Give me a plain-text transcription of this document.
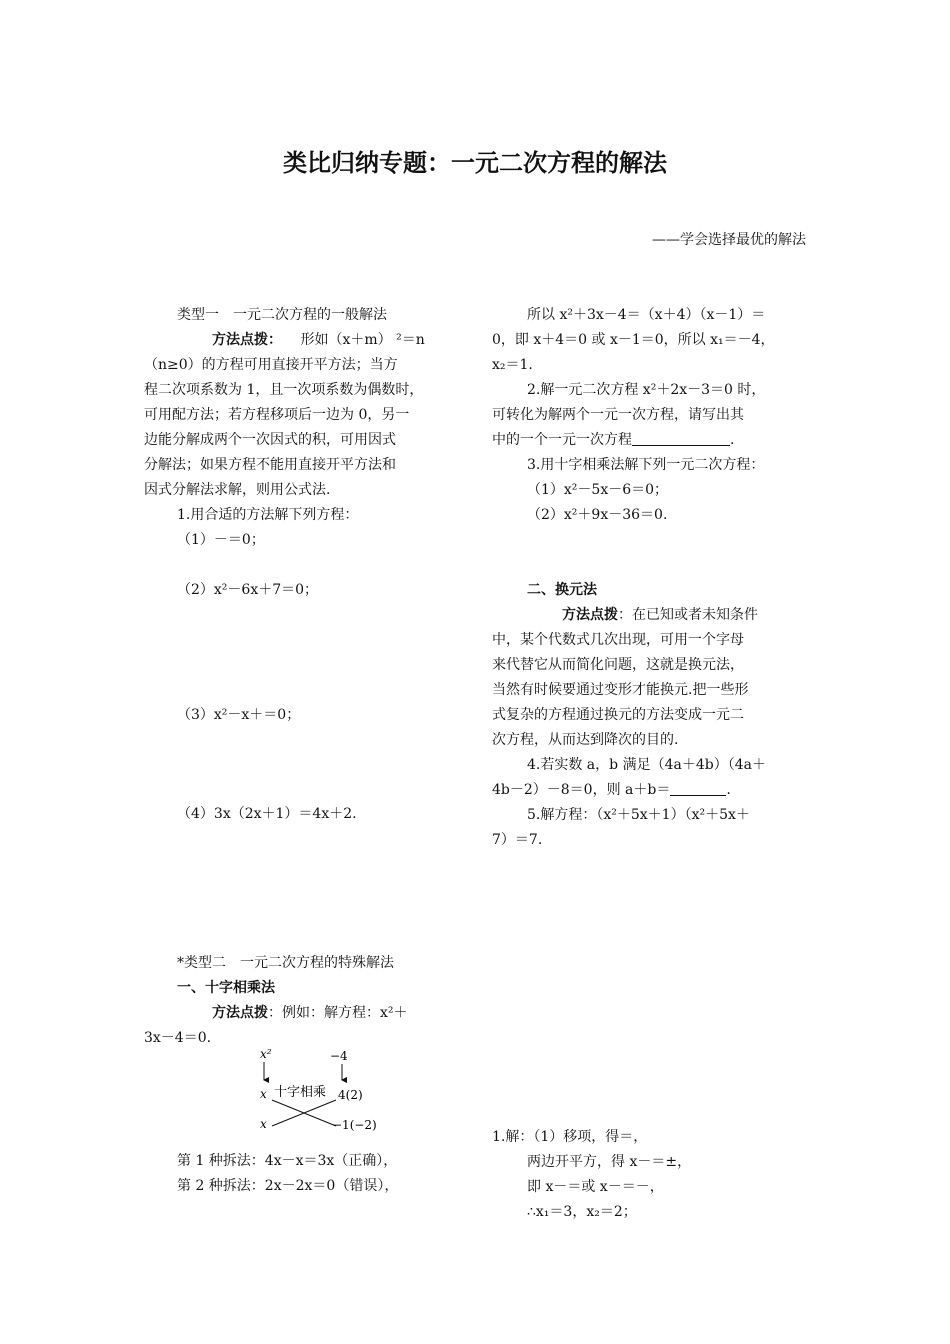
类比归纳专题：一元二次方程的解法
——学会选择最优的解法
类型一　一元二次方程的一般解法
方法点拨： 形如（x＋m） ²＝n
（n≥0）的方程可用直接开平方法；当方
程二次项系数为 1，且一次项系数为偶数时，
可用配方法；若方程移项后一边为 0，另一
边能分解成两个一次因式的积，可用因式
分解法；如果方程不能用直接开平方法和
因式分解法求解，则用公式法.
1.用合适的方法解下列方程：
（1）－＝0；
（2）x²－6x＋7＝0；
（3）x²－x＋＝0；
（4）3x（2x＋1）＝4x＋2.
*类型二　一元二次方程的特殊解法
一、十字相乘法
方法点拨：例如：解方程：x²＋
3x－4＝0.
x²	−4
x 十字相乘 4(2)
x	−1(−2)
第 1 种拆法：4x－x＝3x（正确），
第 2 种拆法：2x－2x＝0（错误），
所以 x²＋3x－4＝（x＋4）（x－1）＝
0，即 x＋4＝0 或 x－1＝0，所以 x₁＝－4，
x₂＝1.
2.解一元二次方程 x²＋2x－3＝0 时，
可转化为解两个一元一次方程，请写出其
中的一个一元一次方程	.
3.用十字相乘法解下列一元二次方程：
（1）x²－5x－6＝0；
（2）x²＋9x－36＝0.
二、换元法
方法点拨：在已知或者未知条件
中，某个代数式几次出现，可用一个字母
来代替它从而简化问题，这就是换元法，
当然有时候要通过变形才能换元.把一些形
式复杂的方程通过换元的方法变成一元二
次方程，从而达到降次的目的.
4.若实数 a，b 满足（4a＋4b）（4a＋
4b－2）－8＝0，则 a＋b＝	.
5.解方程：（x²＋5x＋1）（x²＋5x＋
7）＝7.
1.解：（1）移项，得＝，
两边开平方，得 x－＝±，
即 x－＝或 x－＝－，
∴x₁＝3，x₂＝2；
